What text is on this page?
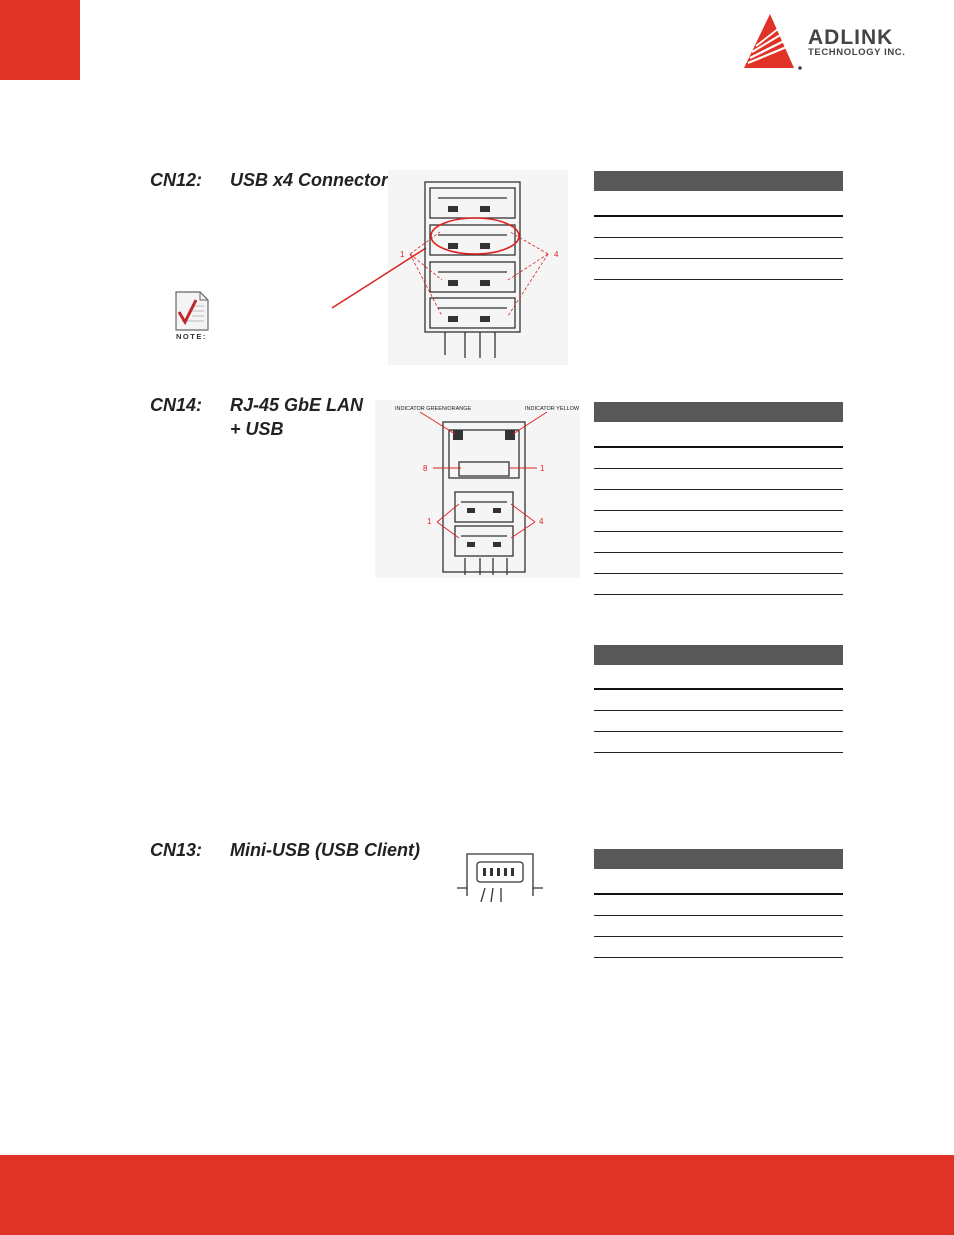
ADLINK
TECHNOLOGY INC.
CN12: USB x4 Connector
NOTE:
1	4
CN14: RJ-45 GbE LAN
+ USB
INDICATOR GREEN/ORANGE	INDICATOR YELLOW
8	1
1	4
CN13: Mini-USB (USB Client)
